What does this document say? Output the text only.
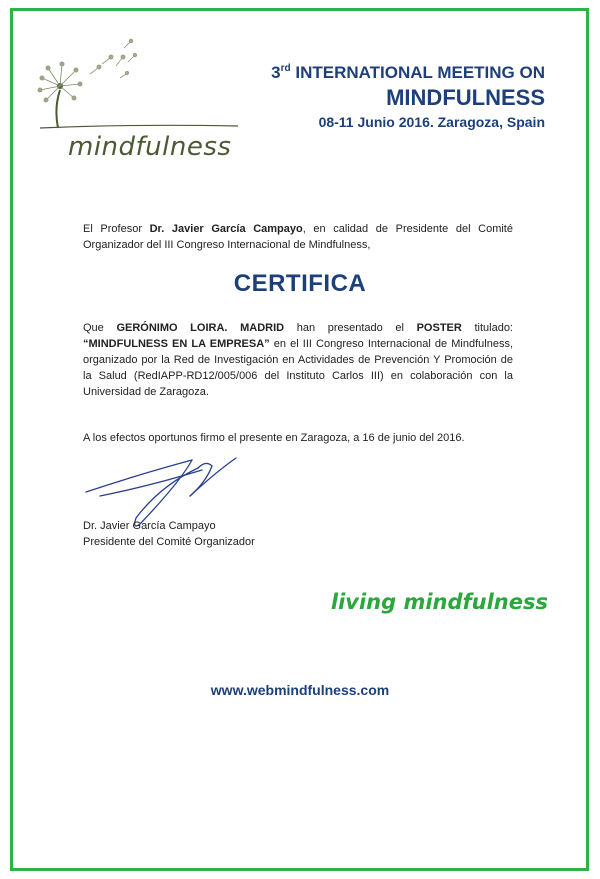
mindfulness
3rd INTERNATIONAL MEETING ON
MINDFULNESS
08-11 Junio 2016. Zaragoza, Spain
El Profesor Dr. Javier García Campayo, en calidad de Presidente del Comité Organizador del III Congreso Internacional de Mindfulness,
CERTIFICA
Que GERÓNIMO LOIRA. MADRID han presentado el POSTER titulado: “MINDFULNESS EN LA EMPRESA” en el III Congreso Internacional de Mindfulness, organizado por la Red de Investigación en Actividades de Prevención Y Promoción de la Salud (RedIAPP-RD12/005/006 del Instituto Carlos III) en colaboración con la Universidad de Zaragoza.
A los efectos oportunos firmo el presente en Zaragoza, a 16 de junio del 2016.
Dr. Javier García Campayo
Presidente del Comité Organizador
living mindfulness
www.webmindfulness.com
